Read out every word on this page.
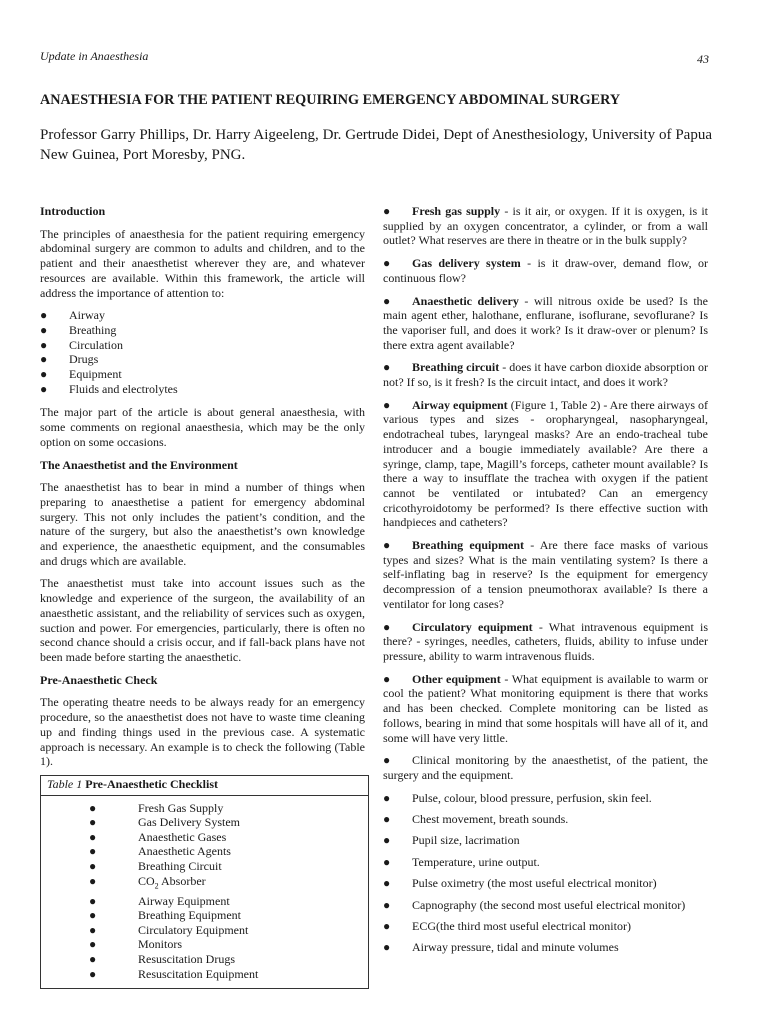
Update in Anaesthesia	43
ANAESTHESIA FOR THE PATIENT REQUIRING EMERGENCY ABDOMINAL SURGERY
Professor Garry Phillips, Dr. Harry Aigeeleng, Dr. Gertrude Didei, Dept of Anesthesiology, University of Papua New Guinea, Port Moresby, PNG.
Introduction

The principles of anaesthesia for the patient requiring emergency abdominal surgery are common to adults and children, and to the patient and their anaesthetist wherever they are, and whatever resources are available. Within this framework, the article will address the importance of attention to:

● Airway
● Breathing
● Circulation
● Drugs
● Equipment
● Fluids and electrolytes

The major part of the article is about general anaesthesia, with some comments on regional anaesthesia, which may be the only option on some occasions.

The Anaesthetist and the Environment

The anaesthetist has to bear in mind a number of things when preparing to anaesthetise a patient for emergency abdominal surgery. This not only includes the patient’s condition, and the nature of the surgery, but also the anaesthetist’s own knowledge and experience, the anaesthetic equipment, and the consumables and drugs which are available.

The anaesthetist must take into account issues such as the knowledge and experience of the surgeon, the availability of an anaesthetic assistant, and the reliability of services such as oxygen, suction and power. For emergencies, particularly, there is often no second chance should a crisis occur, and if fall-back plans have not been made before starting the anaesthetic.

Pre-Anaesthetic Check

The operating theatre needs to be always ready for an emergency procedure, so the anaesthetist does not have to waste time cleaning up and finding things used in the previous case. A systematic approach is necessary. An example is to check the following (Table 1).

Table 1 Pre-Anaesthetic Checklist
●	Fresh Gas Supply
●	Gas Delivery System
●	Anaesthetic Gases
●	Anaesthetic Agents
●	Breathing Circuit
●	$CO_2$ Absorber
●	Airway Equipment
●	Breathing Equipment
●	Circulatory Equipment
●	Monitors
●	Resuscitation Drugs
●	Resuscitation Equipment

● Fresh gas supply - is it air, or oxygen. If it is oxygen, is it supplied by an oxygen concentrator, a cylinder, or from a wall outlet? What reserves are there in theatre or in the bulk supply?

● Gas delivery system - is it draw-over, demand flow, or continuous flow?

● Anaesthetic delivery - will nitrous oxide be used? Is the main agent ether, halothane, enflurane, isoflurane, sevoflurane? Is the vaporiser full, and does it work? Is it draw-over or plenum? Is there extra agent available?

● Breathing circuit - does it have carbon dioxide absorption or not? If so, is it fresh? Is the circuit intact, and does it work?

● Airway equipment (Figure 1, Table 2) - Are there airways of various types and sizes - oropharyngeal, nasopharyngeal, endotracheal tubes, laryngeal masks? Are an endo-tracheal tube introducer and a bougie immediately available? Are there a syringe, clamp, tape, Magill’s forceps, catheter mount available? Is there a way to insufflate the trachea with oxygen if the patient cannot be ventilated or intubated? Can an emergency cricothyroidotomy be performed? Is there effective suction with handpieces and catheters?

● Breathing equipment - Are there face masks of various types and sizes? What is the main ventilating system? Is there a self-inflating bag in reserve? Is the equipment for emergency decompression of a tension pneumothorax available? Is there a ventilator for long cases?

● Circulatory equipment - What intravenous equipment is there? - syringes, needles, catheters, fluids, ability to infuse under pressure, ability to warm intravenous fluids.

● Other equipment - What equipment is available to warm or cool the patient? What monitoring equipment is there that works and has been checked. Complete monitoring can be listed as follows, bearing in mind that some hospitals will have all of it, and some will have very little.

● Clinical monitoring by the anaesthetist, of the patient, the surgery and the equipment.

● Pulse, colour, blood pressure, perfusion, skin feel.
● Chest movement, breath sounds.
● Pupil size, lacrimation
● Temperature, urine output.
● Pulse oximetry (the most useful electrical monitor)
● Capnography (the second most useful electrical monitor)
● ECG(the third most useful electrical monitor)
● Airway pressure, tidal and minute volumes
